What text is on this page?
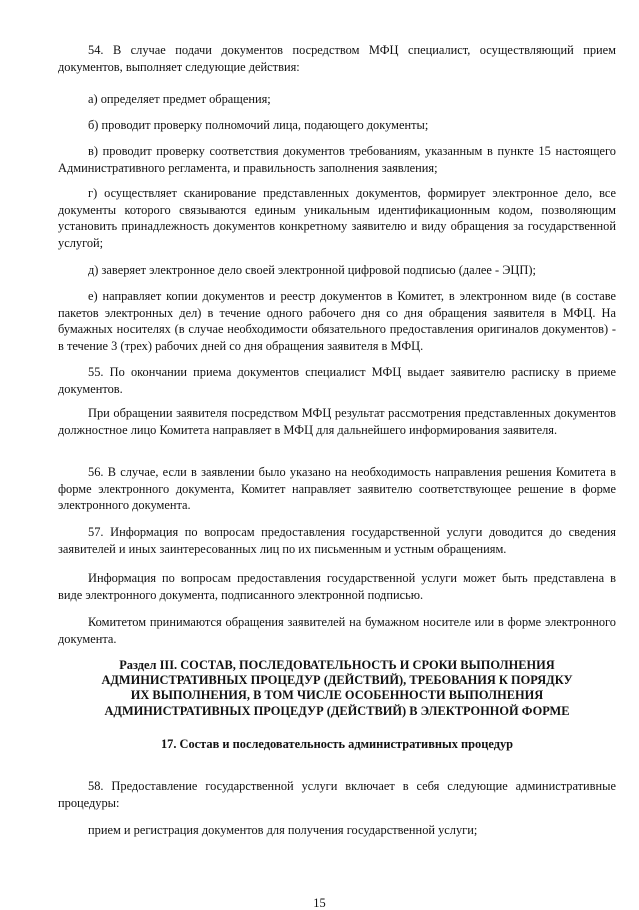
54. В случае подачи документов посредством МФЦ специалист, осуществляющий прием документов, выполняет следующие действия:

а) определяет предмет обращения;

б) проводит проверку полномочий лица, подающего документы;

в) проводит проверку соответствия документов требованиям, указанным в пункте 15 настоящего Административного регламента, и правильность заполнения заявления;

г) осуществляет сканирование представленных документов, формирует электронное дело, все документы которого связываются единым уникальным идентификационным кодом, позволяющим установить принадлежность документов конкретному заявителю и виду обращения за государственной услугой;

д) заверяет электронное дело своей электронной цифровой подписью (далее - ЭЦП);

е) направляет копии документов и реестр документов в Комитет, в электронном виде (в составе пакетов электронных дел) в течение одного рабочего дня со дня обращения заявителя в МФЦ. На бумажных носителях (в случае необходимости обязательного предоставления оригиналов документов) - в течение 3 (трех) рабочих дней со дня обращения заявителя в МФЦ.

55. По окончании приема документов специалист МФЦ выдает заявителю расписку в приеме документов.

При обращении заявителя посредством МФЦ результат рассмотрения представленных документов должностное лицо Комитета направляет в МФЦ для дальнейшего информирования заявителя.

56. В случае, если в заявлении было указано на необходимость направления решения Комитета в форме электронного документа, Комитет направляет заявителю соответствующее решение в форме электронного документа.

57. Информация по вопросам предоставления государственной услуги доводится до сведения заявителей и иных заинтересованных лиц по их письменным и устным обращениям.

Информация по вопросам предоставления государственной услуги может быть представлена в виде электронного документа, подписанного электронной подписью.

Комитетом принимаются обращения заявителей на бумажном носителе или в форме электронного документа.

Раздел III. СОСТАВ, ПОСЛЕДОВАТЕЛЬНОСТЬ И СРОКИ ВЫПОЛНЕНИЯ
АДМИНИСТРАТИВНЫХ ПРОЦЕДУР (ДЕЙСТВИЙ), ТРЕБОВАНИЯ К ПОРЯДКУ
ИХ ВЫПОЛНЕНИЯ, В ТОМ ЧИСЛЕ ОСОБЕННОСТИ ВЫПОЛНЕНИЯ
АДМИНИСТРАТИВНЫХ ПРОЦЕДУР (ДЕЙСТВИЙ) В ЭЛЕКТРОННОЙ ФОРМЕ
17. Состав и последовательность административных процедур

58. Предоставление государственной услуги включает в себя следующие административные процедуры:

прием и регистрация документов для получения государственной услуги;

15
